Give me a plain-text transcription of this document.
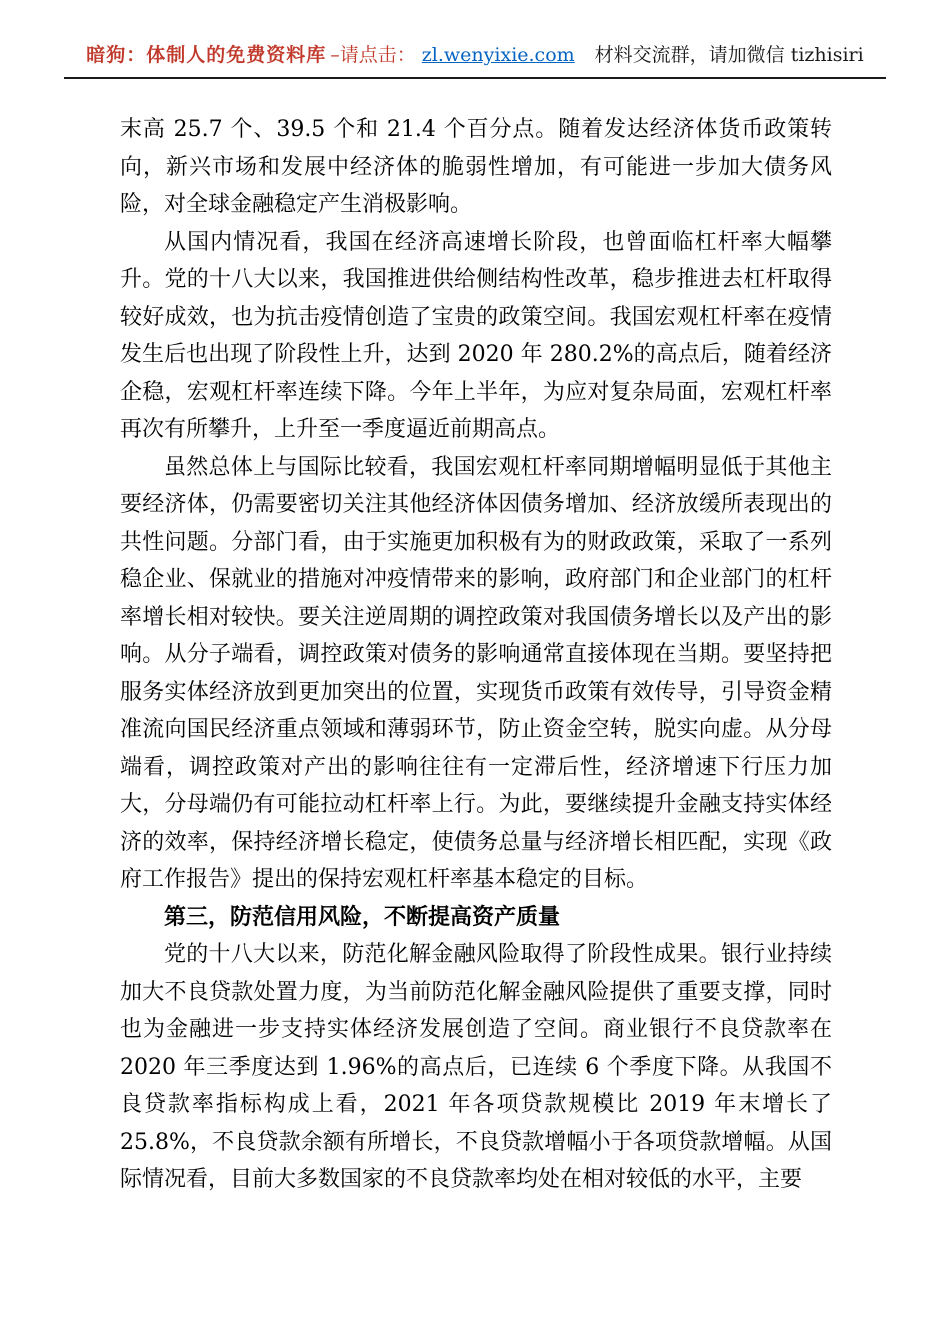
暗狗：体制人的免费资料库 –请点击： zl.wenyixie.com 材料交流群，请加微信 tizhisiri

末高 25.7 个、39.5 个和 21.4 个百分点。随着发达经济体货币政策转向，新兴市场和发展中经济体的脆弱性增加，有可能进一步加大债务风险，对全球金融稳定产生消极影响。

从国内情况看，我国在经济高速增长阶段，也曾面临杠杆率大幅攀升。党的十八大以来，我国推进供给侧结构性改革，稳步推进去杠杆取得较好成效，也为抗击疫情创造了宝贵的政策空间。我国宏观杠杆率在疫情发生后也出现了阶段性上升，达到 2020 年 280.2%的高点后，随着经济企稳，宏观杠杆率连续下降。今年上半年，为应对复杂局面，宏观杠杆率再次有所攀升，上升至一季度逼近前期高点。

虽然总体上与国际比较看，我国宏观杠杆率同期增幅明显低于其他主要经济体，仍需要密切关注其他经济体因债务增加、经济放缓所表现出的共性问题。分部门看，由于实施更加积极有为的财政政策，采取了一系列稳企业、保就业的措施对冲疫情带来的影响，政府部门和企业部门的杠杆率增长相对较快。要关注逆周期的调控政策对我国债务增长以及产出的影响。从分子端看，调控政策对债务的影响通常直接体现在当期。要坚持把服务实体经济放到更加突出的位置，实现货币政策有效传导，引导资金精准流向国民经济重点领域和薄弱环节，防止资金空转，脱实向虚。从分母端看，调控政策对产出的影响往往有一定滞后性，经济增速下行压力加大，分母端仍有可能拉动杠杆率上行。为此，要继续提升金融支持实体经济的效率，保持经济增长稳定，使债务总量与经济增长相匹配，实现《政府工作报告》提出的保持宏观杠杆率基本稳定的目标。

第三，防范信用风险，不断提高资产质量

党的十八大以来，防范化解金融风险取得了阶段性成果。银行业持续加大不良贷款处置力度，为当前防范化解金融风险提供了重要支撑，同时也为金融进一步支持实体经济发展创造了空间。商业银行不良贷款率在 2020 年三季度达到 1.96%的高点后，已连续 6 个季度下降。从我国不良贷款率指标构成上看，2021 年各项贷款规模比 2019 年末增长了 25.8%，不良贷款余额有所增长，不良贷款增幅小于各项贷款增幅。从国际情况看，目前大多数国家的不良贷款率均处在相对较低的水平，主要
